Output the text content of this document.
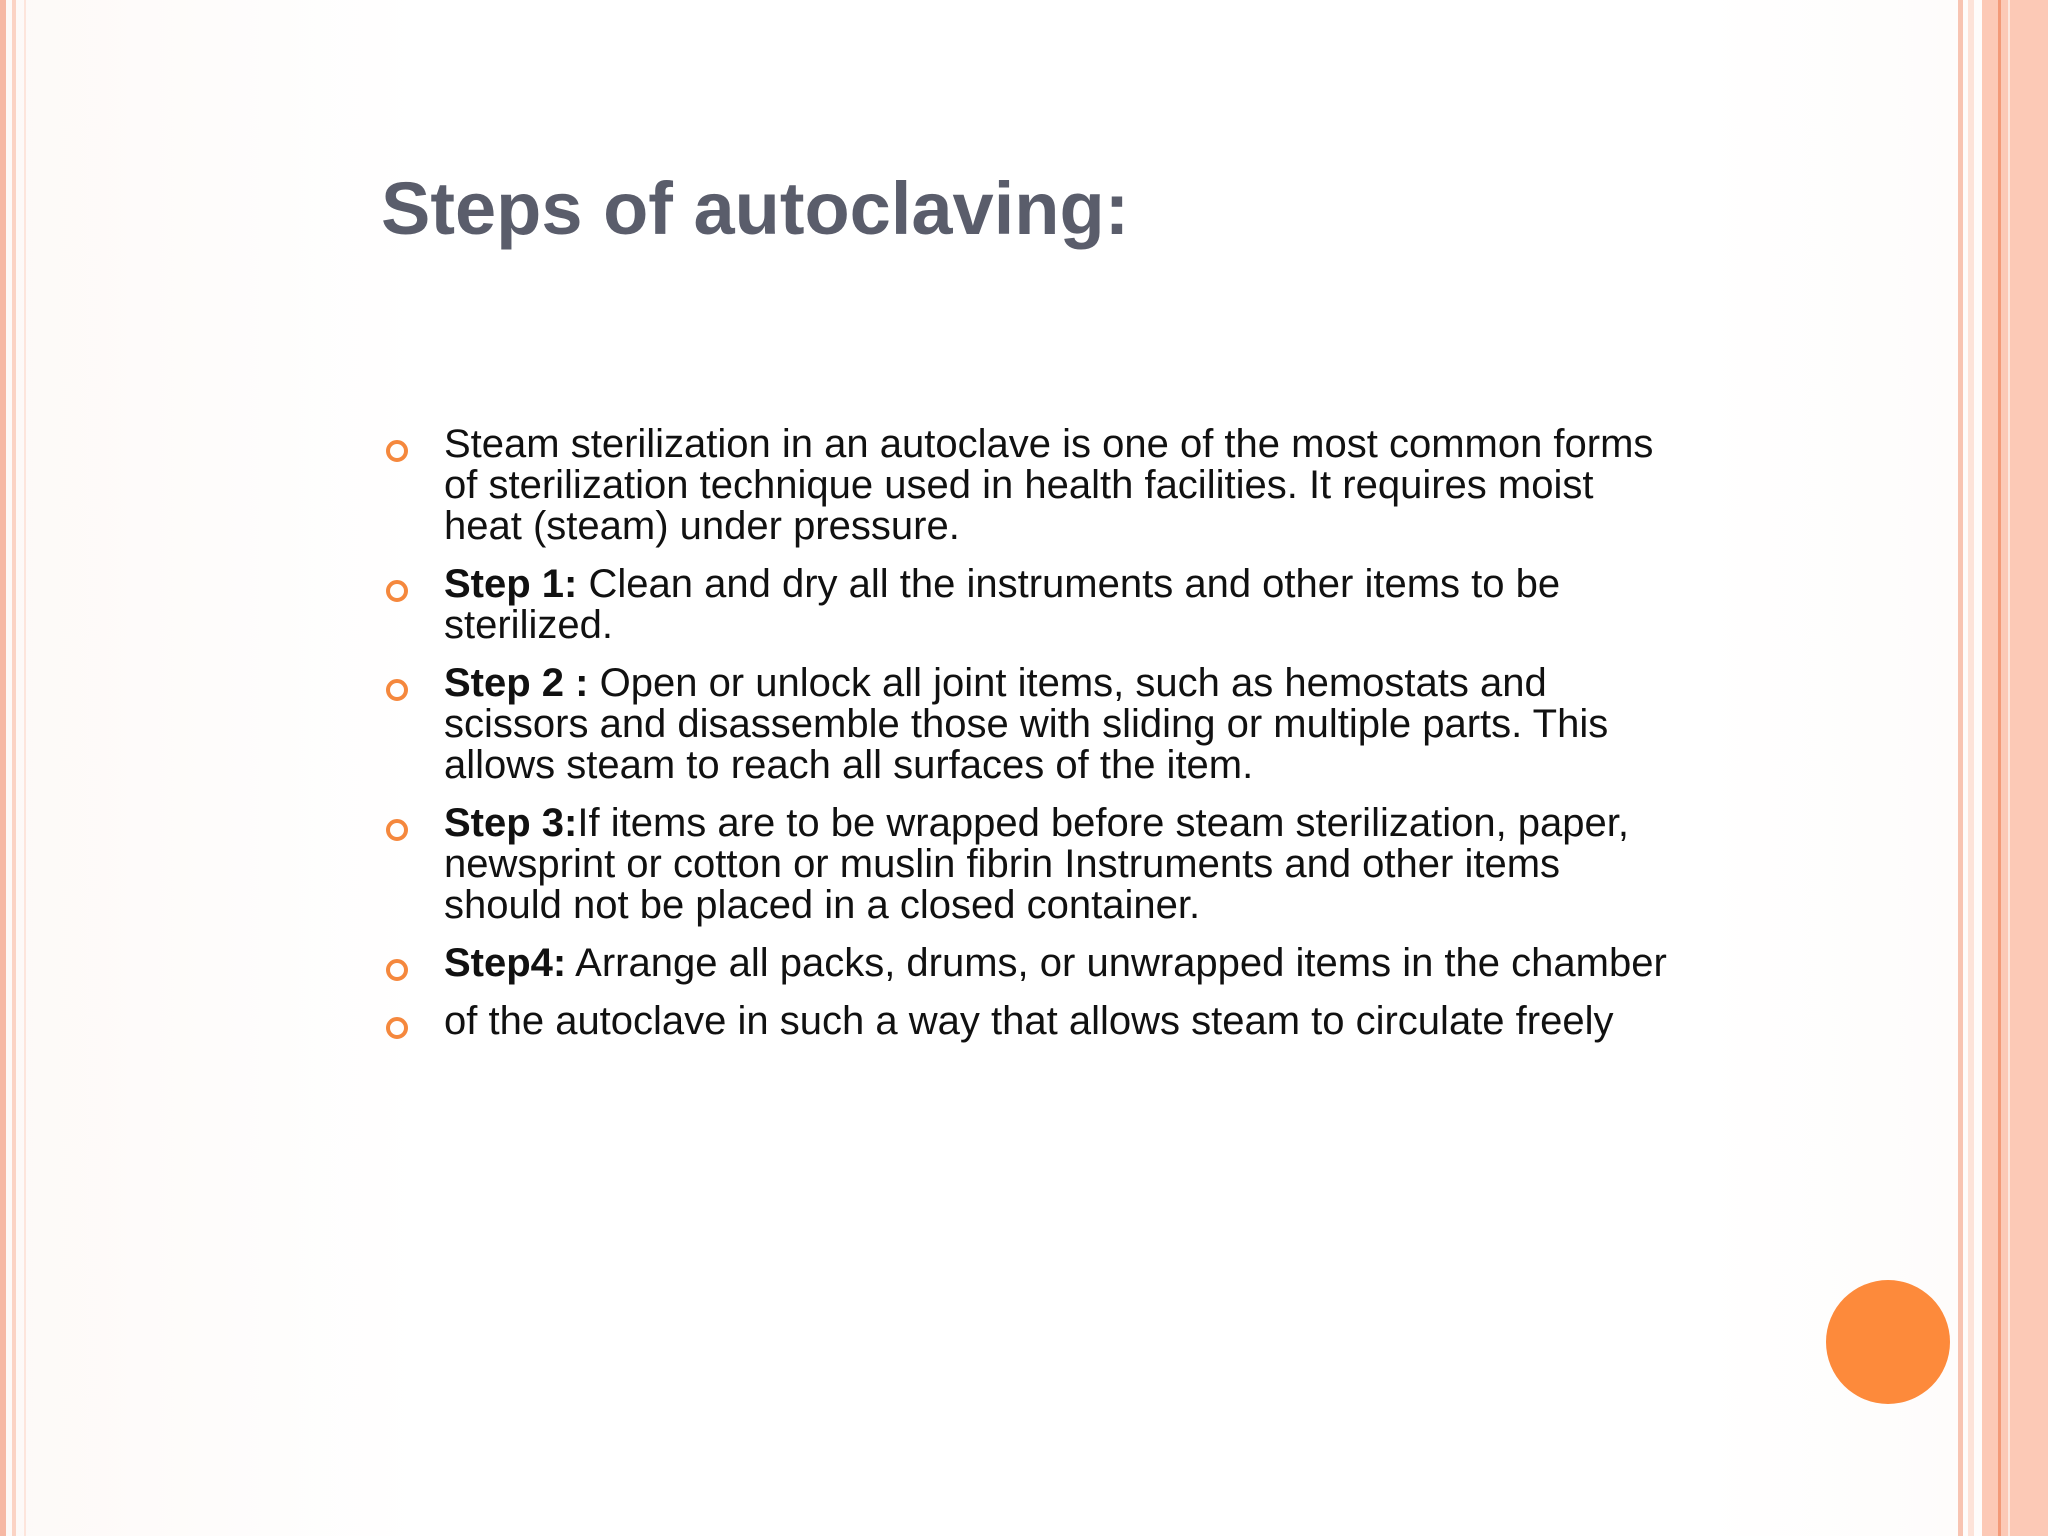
Steps of autoclaving:
Steam sterilization in an autoclave is one of the most common forms of sterilization technique used in health facilities. It requires moist heat (steam) under pressure.
Step 1: Clean and dry all the instruments and other items to be sterilized.
Step 2 : Open or unlock all joint items, such as hemostats and scissors and disassemble those with sliding or multiple parts. This allows steam to reach all surfaces of the item.
Step 3:If items are to be wrapped before steam sterilization, paper, newsprint or cotton or muslin fibrin Instruments and other items should not be placed in a closed container.
Step4: Arrange all packs, drums, or unwrapped items in the chamber
of the autoclave in such a way that allows steam to circulate freely
